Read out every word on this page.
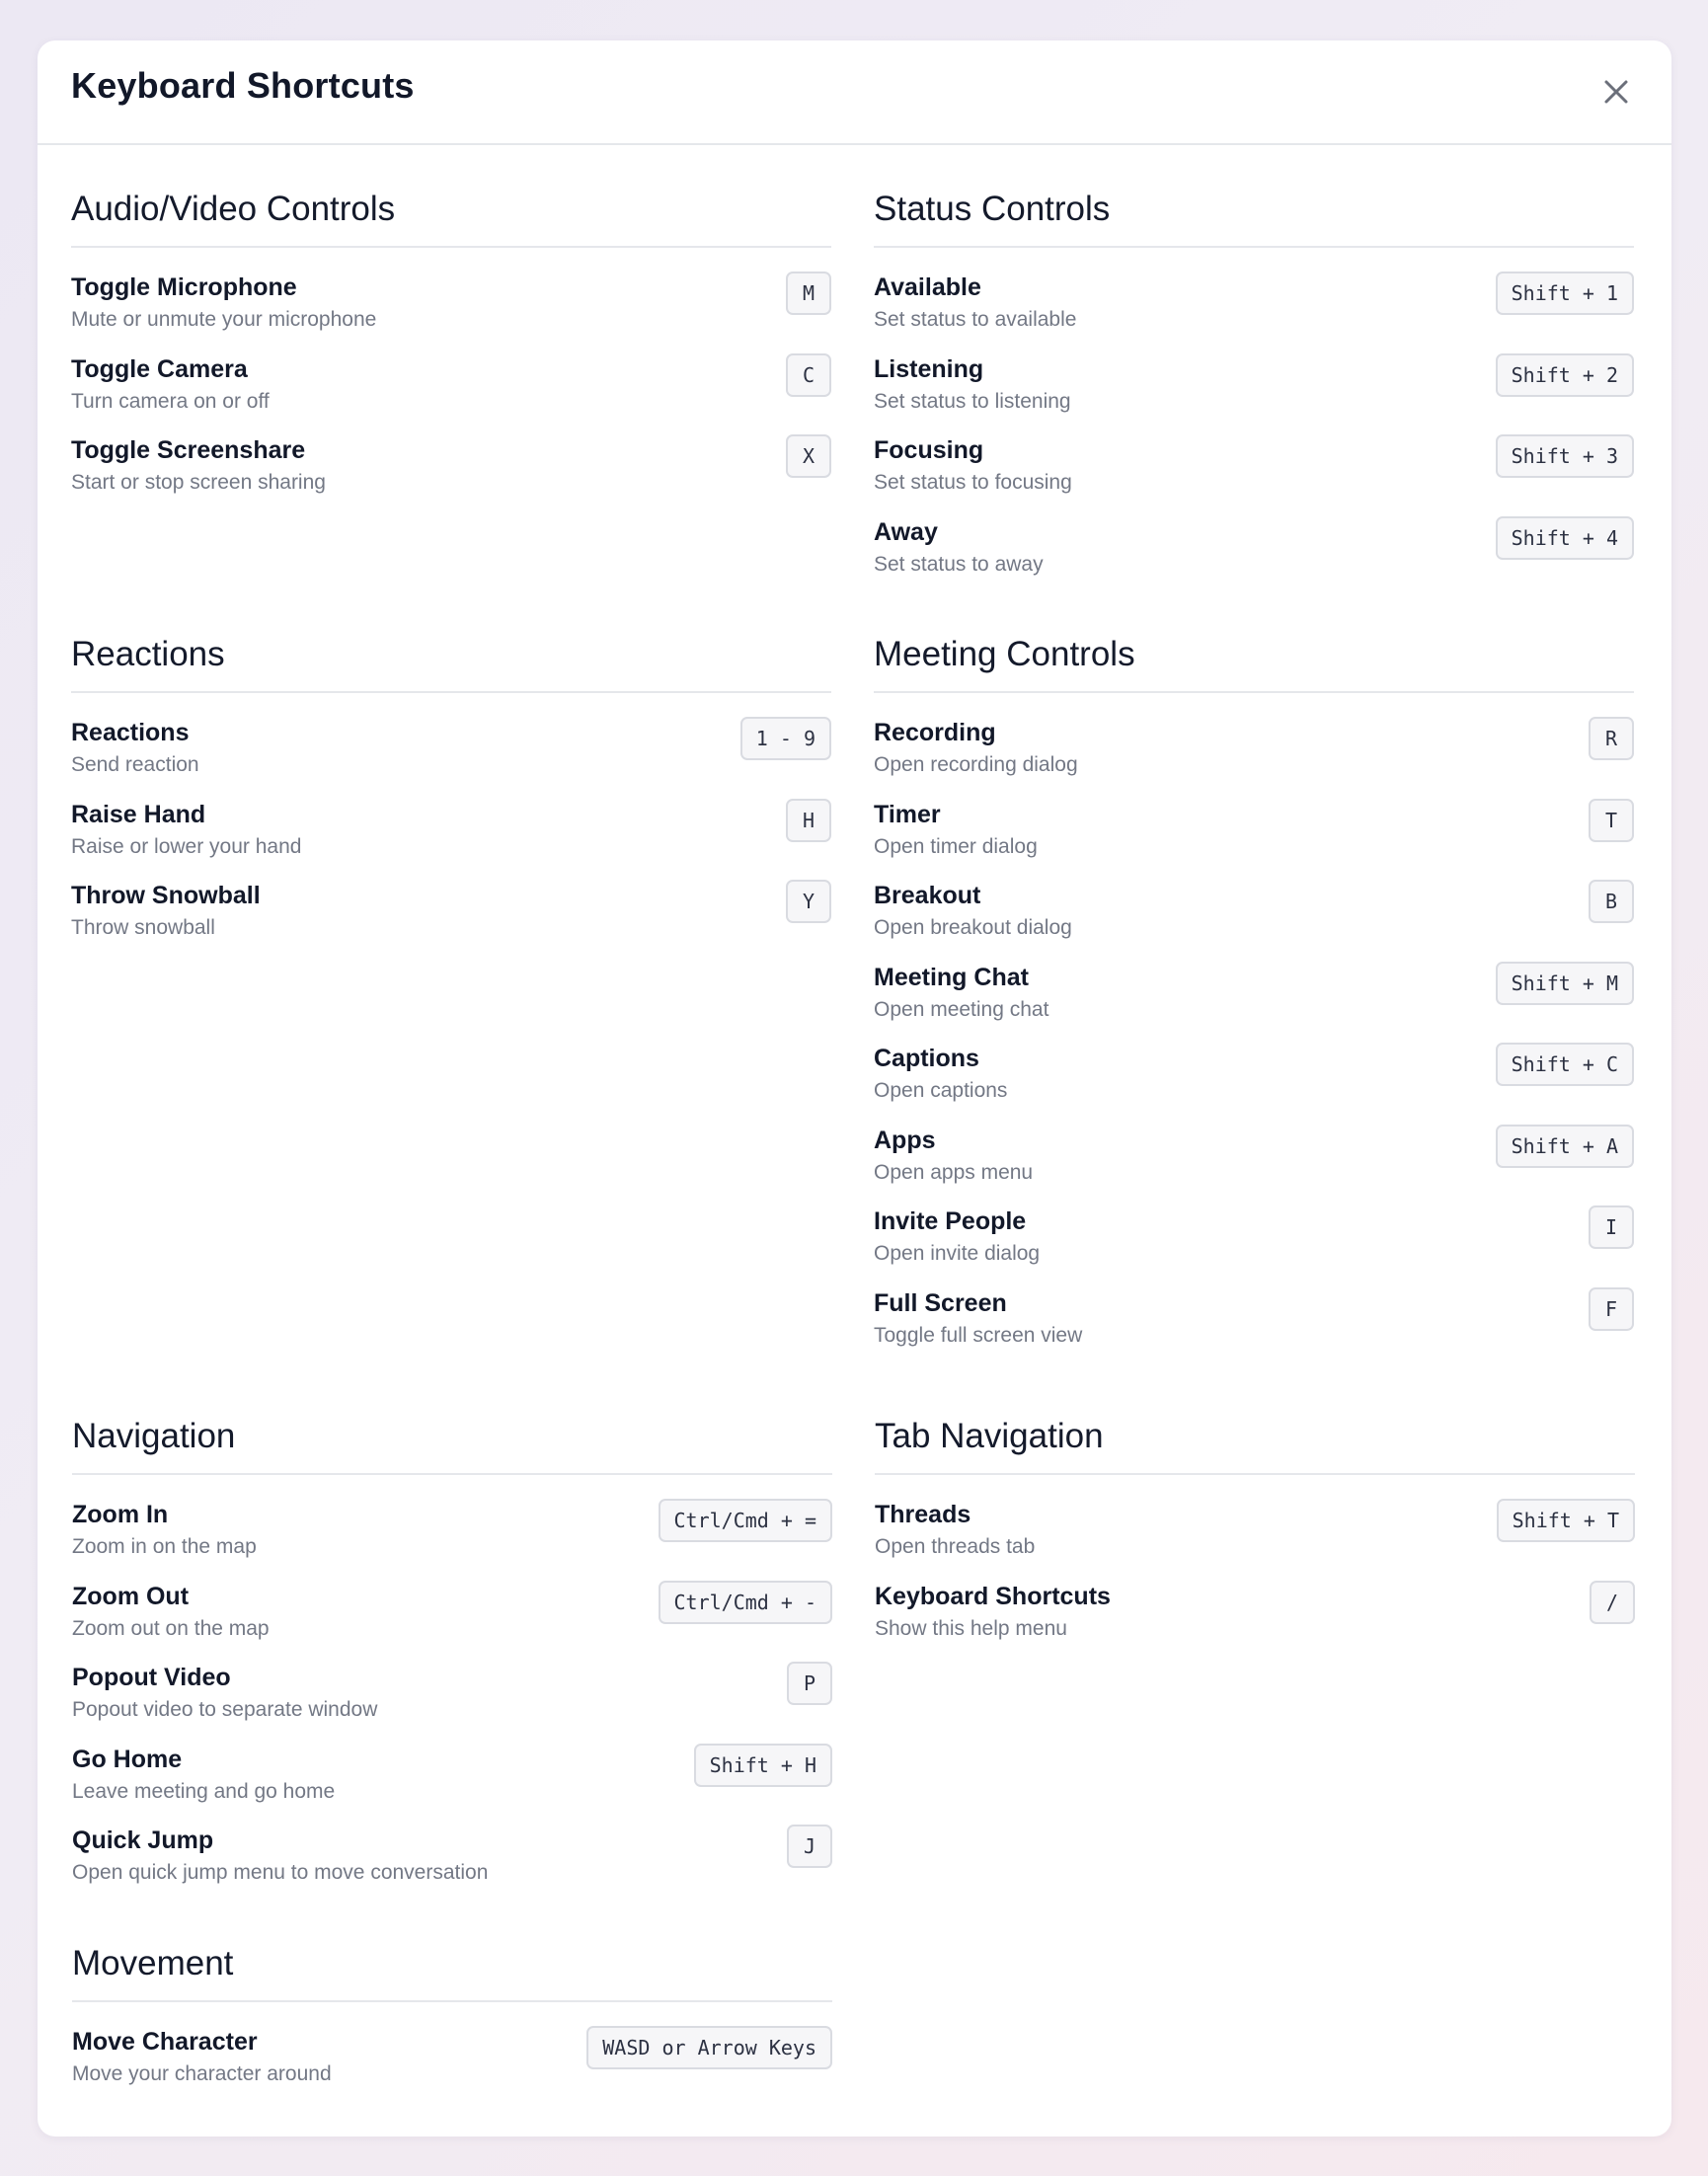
Keyboard Shortcuts
Audio/Video Controls
Toggle Microphone
Mute or unmute your microphone
M
Toggle Camera
Turn camera on or off
C
Toggle Screenshare
Start or stop screen sharing
X
Status Controls
Available
Set status to available
Shift + 1
Listening
Set status to listening
Shift + 2
Focusing
Set status to focusing
Shift + 3
Away
Set status to away
Shift + 4
Reactions
Reactions
Send reaction
1 - 9
Raise Hand
Raise or lower your hand
H
Throw Snowball
Throw snowball
Y
Meeting Controls
Recording
Open recording dialog
R
Timer
Open timer dialog
T
Breakout
Open breakout dialog
B
Meeting Chat
Open meeting chat
Shift + M
Captions
Open captions
Shift + C
Apps
Open apps menu
Shift + A
Invite People
Open invite dialog
I
Full Screen
Toggle full screen view
F
Navigation
Zoom In
Zoom in on the map
Ctrl/Cmd + =
Zoom Out
Zoom out on the map
Ctrl/Cmd + -
Popout Video
Popout video to separate window
P
Go Home
Leave meeting and go home
Shift + H
Quick Jump
Open quick jump menu to move conversation
J
Tab Navigation
Threads
Open threads tab
Shift + T
Keyboard Shortcuts
Show this help menu
/
Movement
Move Character
Move your character around
WASD or Arrow Keys
